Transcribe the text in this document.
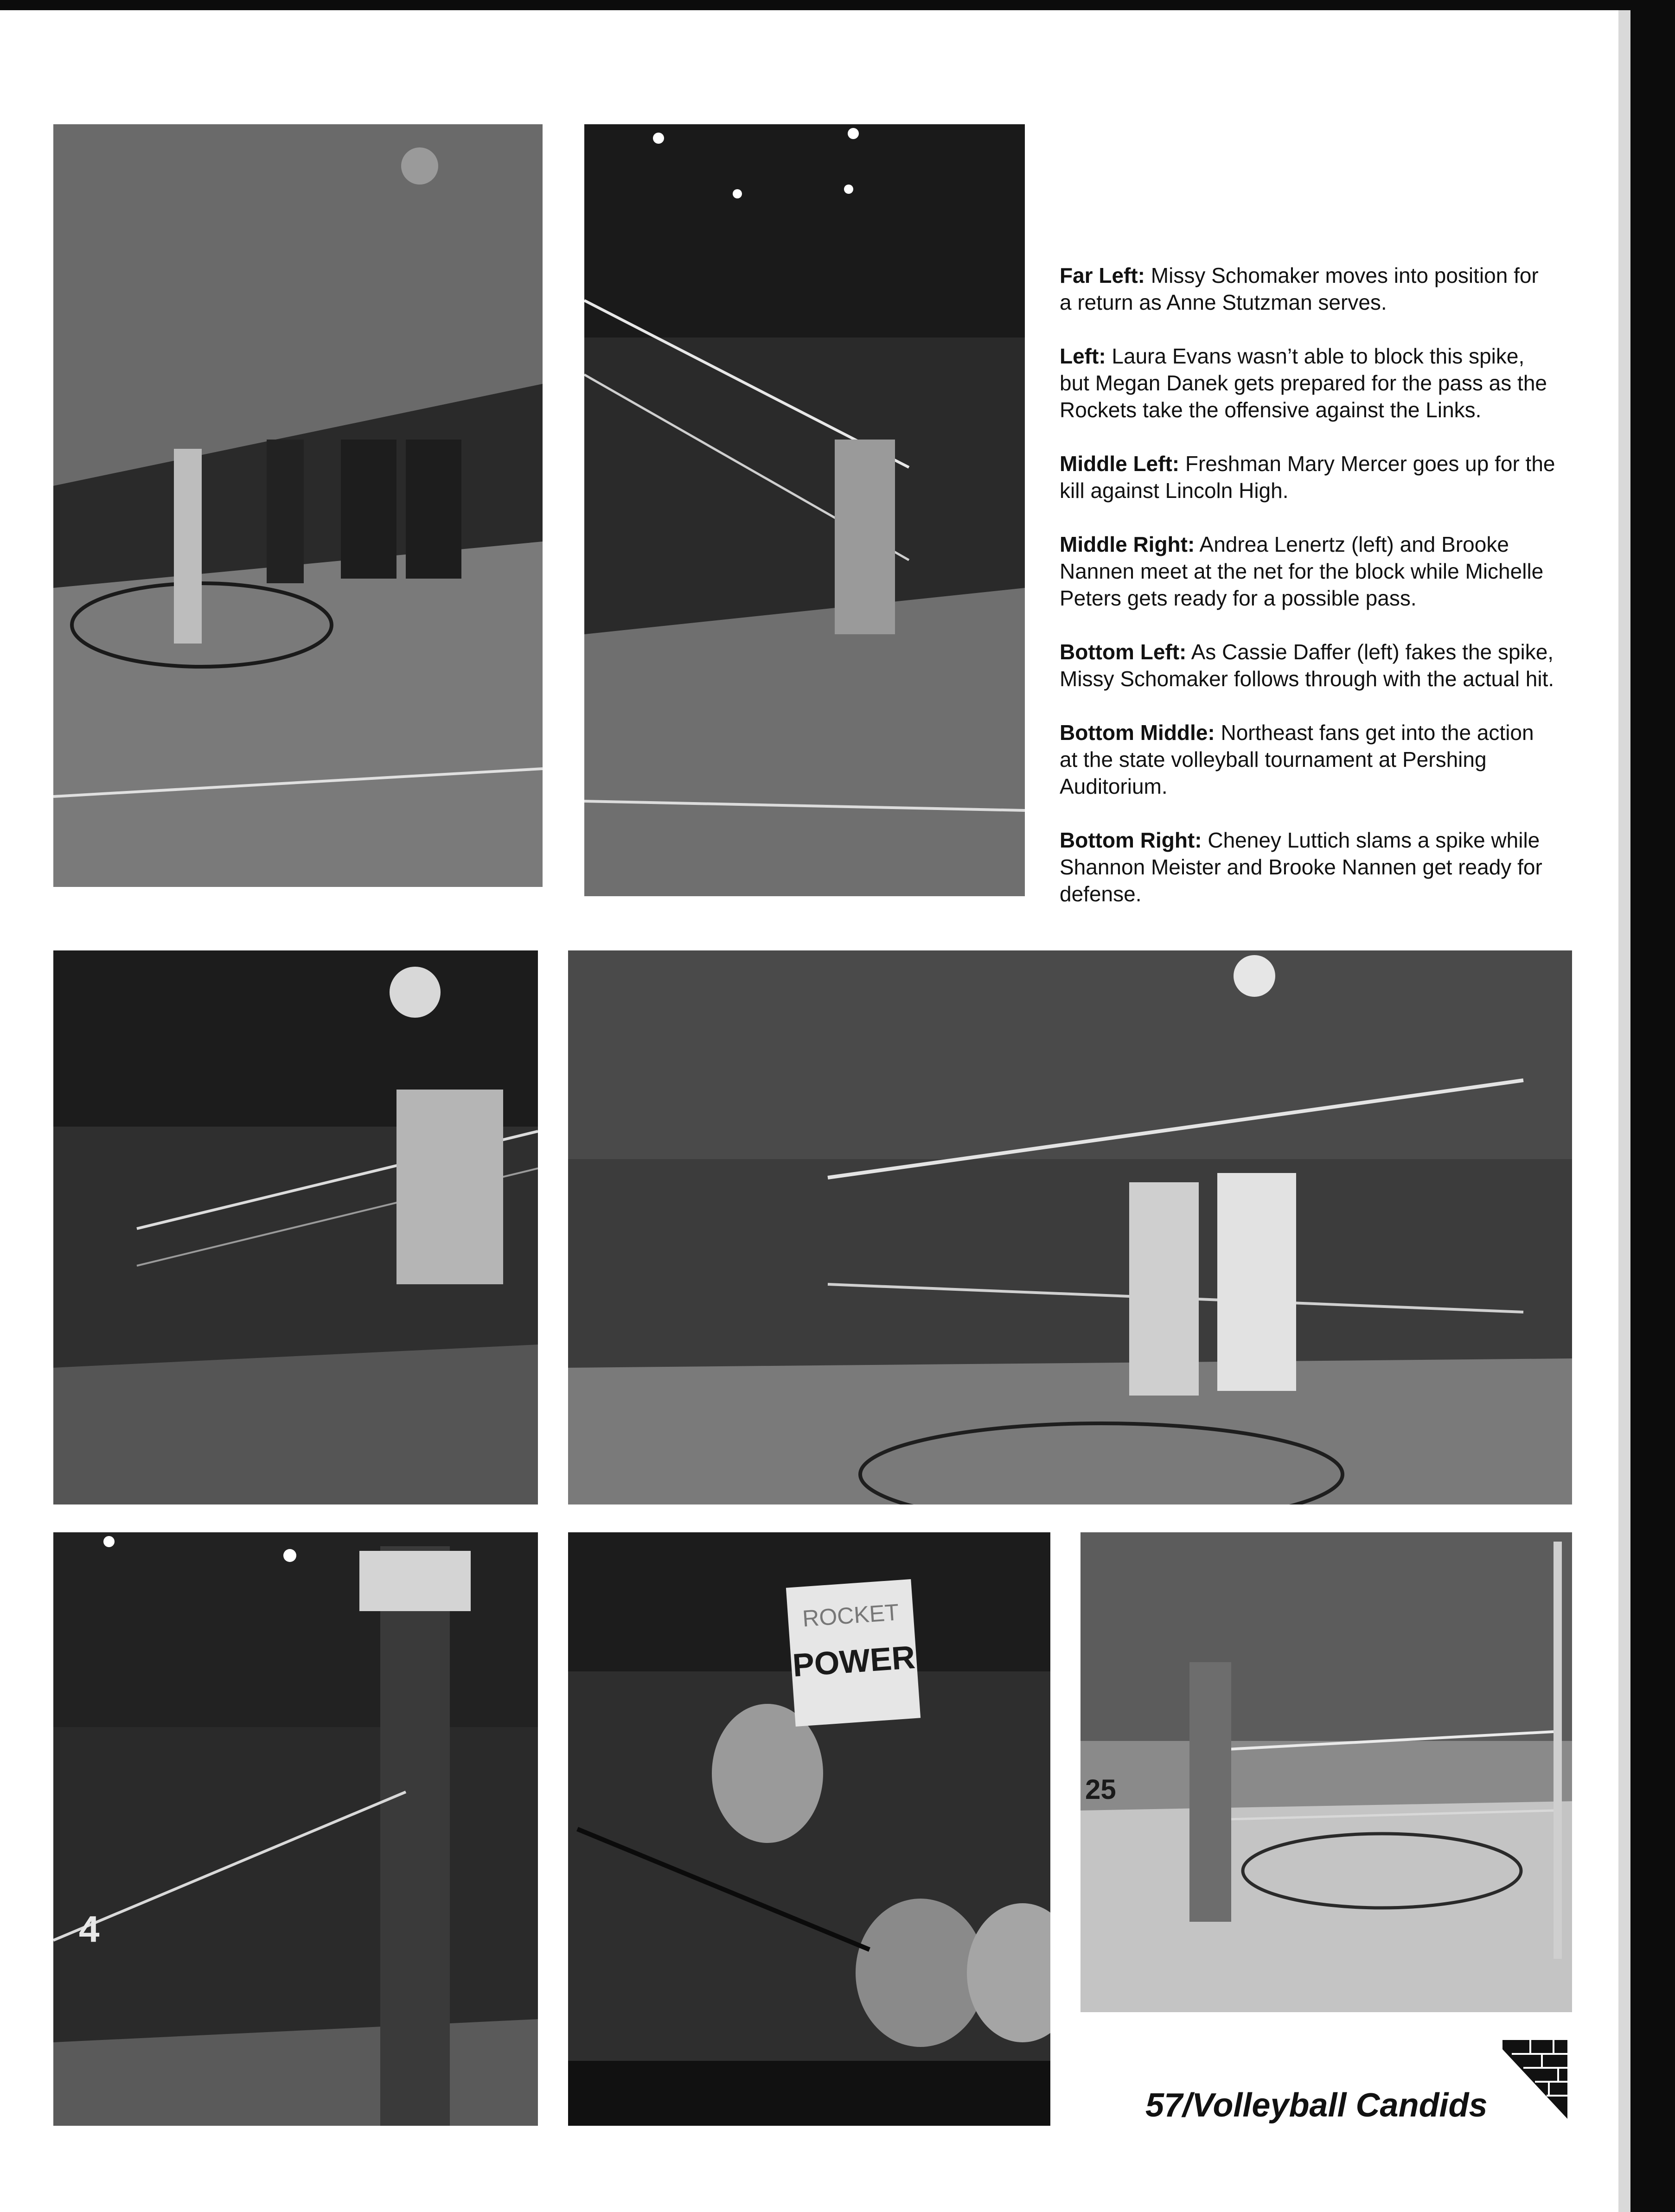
Far Left: Missy Schomaker moves into position for a return as Anne Stutzman serves.

Left: Laura Evans wasn’t able to block this spike, but Megan Danek gets prepared for the pass as the Rockets take the offensive against the Links.

Middle Left: Freshman Mary Mercer goes up for the kill against Lincoln High.

Middle Right: Andrea Lenertz (left) and Brooke Nannen meet at the net for the block while Michelle Peters gets ready for a possible pass.

Bottom Left: As Cassie Daffer (left) fakes the spike, Missy Schomaker follows through with the actual hit.

Bottom Middle: Northeast fans get into the action at the state volleyball tournament at Pershing Auditorium.

Bottom Right: Cheney Luttich slams a spike while Shannon Meister and Brooke Nannen get ready for defense.

4
ROCKET
POWER
25
57/Volleyball Candids
